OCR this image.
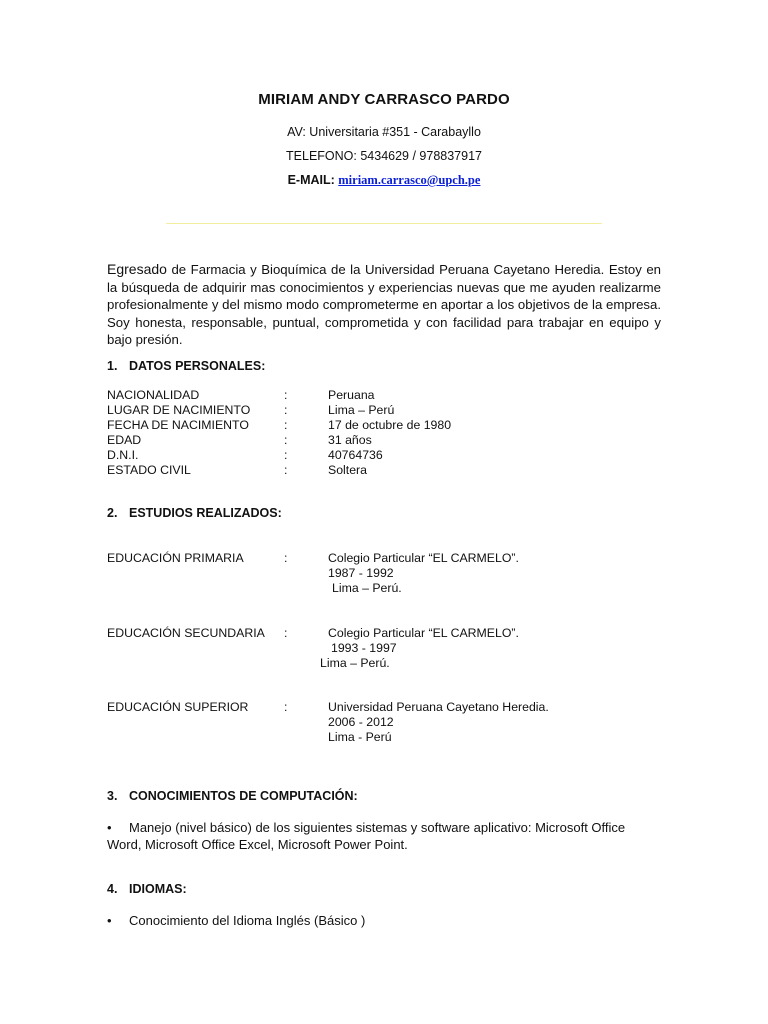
MIRIAM ANDY CARRASCO PARDO
AV: Universitaria #351 - Carabayllo
TELEFONO: 5434629 / 978837917
E-MAIL: miriam.carrasco@upch.pe
Egresado de Farmacia y Bioquímica de la Universidad Peruana Cayetano Heredia. Estoy en la búsqueda de adquirir mas conocimientos y experiencias nuevas que me ayuden realizarme profesionalmente y del mismo modo comprometerme en aportar a los objetivos de la empresa. Soy honesta, responsable, puntual, comprometida y con facilidad para trabajar en equipo y bajo presión.
1. DATOS PERSONALES:
NACIONALIDAD	:	Peruana
LUGAR DE NACIMIENTO	:	Lima – Perú
FECHA DE NACIMIENTO	:	17 de octubre de 1980
EDAD	:	31 años
D.N.I.	:	40764736
ESTADO CIVIL	:	Soltera
2. ESTUDIOS REALIZADOS:
EDUCACIÓN PRIMARIA	:	Colegio Particular “EL CARMELO”.
1987 - 1992
Lima – Perú.
EDUCACIÓN SECUNDARIA :	Colegio Particular “EL CARMELO”.
1993 - 1997
Lima – Perú.
EDUCACIÓN SUPERIOR	:	Universidad Peruana Cayetano Heredia.
2006 - 2012
Lima - Perú
3. CONOCIMIENTOS DE COMPUTACIÓN:
• Manejo (nivel básico) de los siguientes sistemas y software aplicativo: Microsoft Office Word, Microsoft Office Excel, Microsoft Power Point.
4. IDIOMAS:
• Conocimiento del Idioma Inglés (Básico )
